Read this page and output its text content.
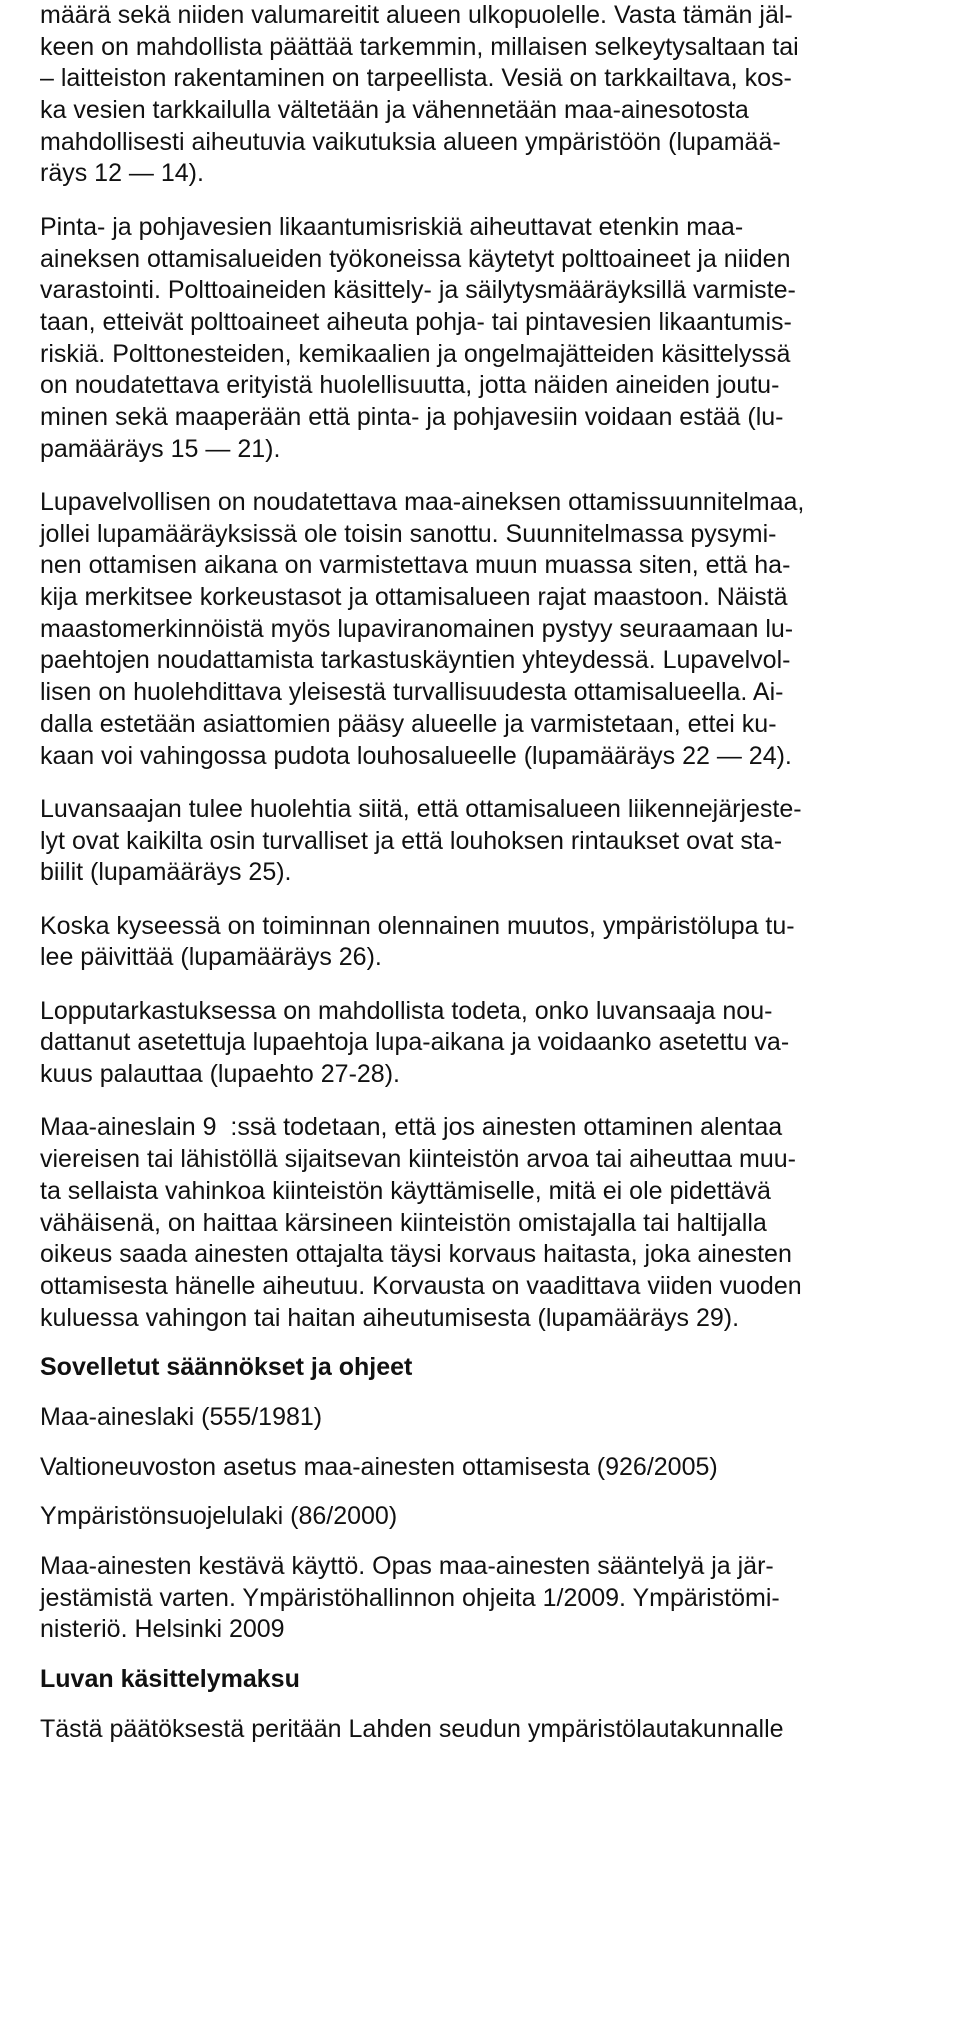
määrä sekä niiden valumareitit alueen ulkopuolelle. Vasta tämän jäl-
keen on mahdollista päättää tarkemmin, millaisen selkeytysaltaan tai
– laitteiston rakentaminen on tarpeellista. Vesiä on tarkkailtava, kos-
ka vesien tarkkailulla vältetään ja vähennetään maa-ainesotosta
mahdollisesti aiheutuvia vaikutuksia alueen ympäristöön (lupamää-
räys 12 — 14).
Pinta- ja pohjavesien likaantumisriskiä aiheuttavat etenkin maa-
aineksen ottamisalueiden työkoneissa käytetyt polttoaineet ja niiden
varastointi. Polttoaineiden käsittely- ja säilytysmääräyksillä varmiste-
taan, etteivät polttoaineet aiheuta pohja- tai pintavesien likaantumis-
riskiä. Polttonesteiden, kemikaalien ja ongelmajätteiden käsittelyssä
on noudatettava erityistä huolellisuutta, jotta näiden aineiden joutu-
minen sekä maaperään että pinta- ja pohjavesiin voidaan estää (lu-
pamääräys 15 — 21).
Lupavelvollisen on noudatettava maa-aineksen ottamissuunnitelmaa,
jollei lupamääräyksissä ole toisin sanottu. Suunnitelmassa pysymi-
nen ottamisen aikana on varmistettava muun muassa siten, että ha-
kija merkitsee korkeustasot ja ottamisalueen rajat maastoon. Näistä
maastomerkinnöistä myös lupaviranomainen pystyy seuraamaan lu-
paehtojen noudattamista tarkastuskäyntien yhteydessä. Lupavelvol-
lisen on huolehdittava yleisestä turvallisuudesta ottamisalueella. Ai-
dalla estetään asiattomien pääsy alueelle ja varmistetaan, ettei ku-
kaan voi vahingossa pudota louhosalueelle (lupamääräys 22 — 24).
Luvansaajan tulee huolehtia siitä, että ottamisalueen liikennejärjeste-
lyt ovat kaikilta osin turvalliset ja että louhoksen rintaukset ovat sta-
biilit (lupamääräys 25).
Koska kyseessä on toiminnan olennainen muutos, ympäristölupa tu-
lee päivittää (lupamääräys 26).
Lopputarkastuksessa on mahdollista todeta, onko luvansaaja nou-
dattanut asetettuja lupaehtoja lupa-aikana ja voidaanko asetettu va-
kuus palauttaa (lupaehto 27-28).
Maa-aineslain 9  :ssä todetaan, että jos ainesten ottaminen alentaa
viereisen tai lähistöllä sijaitsevan kiinteistön arvoa tai aiheuttaa muu-
ta sellaista vahinkoa kiinteistön käyttämiselle, mitä ei ole pidettävä
vähäisenä, on haittaa kärsineen kiinteistön omistajalla tai haltijalla
oikeus saada ainesten ottajalta täysi korvaus haitasta, joka ainesten
ottamisesta hänelle aiheutuu. Korvausta on vaadittava viiden vuoden
kuluessa vahingon tai haitan aiheutumisesta (lupamääräys 29).
Sovelletut säännökset ja ohjeet
Maa-aineslaki (555/1981)
Valtioneuvoston asetus maa-ainesten ottamisesta (926/2005)
Ympäristönsuojelulaki (86/2000)
Maa-ainesten kestävä käyttö. Opas maa-ainesten sääntelyä ja jär-
jestämistä varten. Ympäristöhallinnon ohjeita 1/2009. Ympäristömi-
nisteriö. Helsinki 2009
Luvan käsittelymaksu
Tästä päätöksestä peritään Lahden seudun ympäristölautakunnalle
